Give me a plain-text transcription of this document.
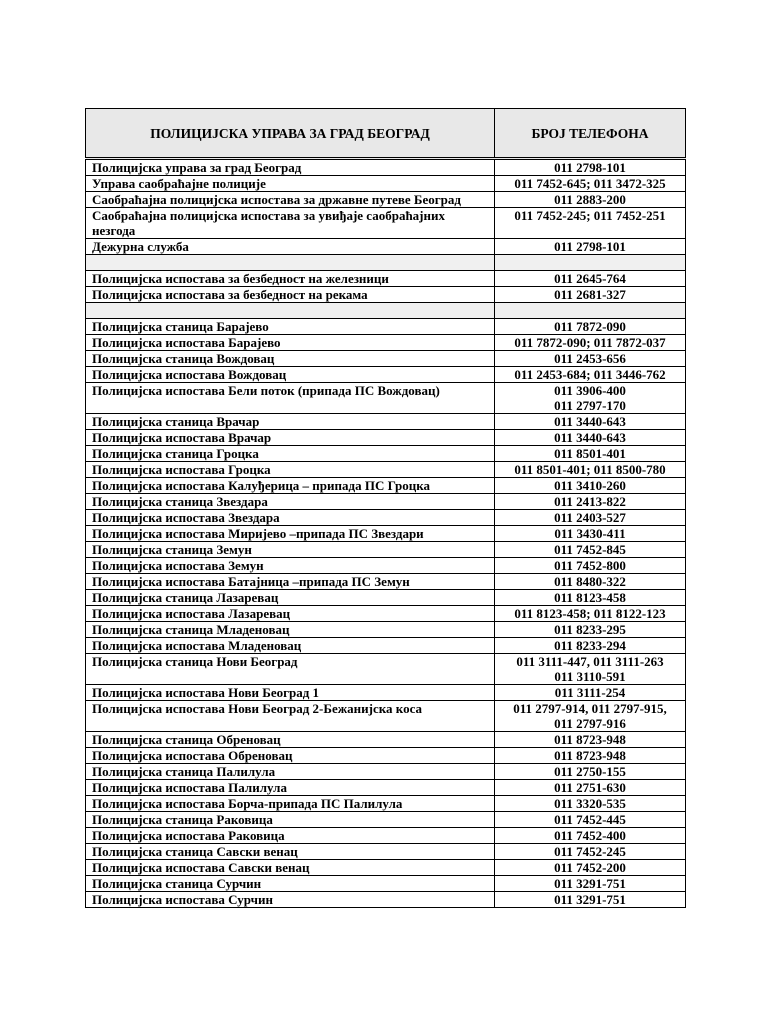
ПОЛИЦИЈСКА УПРАВА ЗА ГРАД БЕОГРАД	БРОЈ ТЕЛЕФОНА
Полицијска управа за град Београд	011 2798-101

Управа саобраћајне полиције	011 7452-645; 011 3472-325

Саобраћајна полицијска испостава за државне путеве Београд	011 2883-200

Саобраћајна полицијска испостава за увиђаје саобраћајних незгода	011 7452-245; 011 7452-251

Дежурна служба	011 2798-101

Полицијска испостава за безбедност на железници	011 2645-764

Полицијска испостава за безбедност на рекама	011 2681-327

Полицијска станица Барајево	011 7872-090

Полицијска испостава Барајево	011 7872-090; 011 7872-037

Полицијска станица Вождовац	011 2453-656

Полицијска испостава Вождовац	011 2453-684; 011 3446-762

Полицијска испостава Бели поток (припада ПС Вождовац)	011 3906-400
011 2797-170

Полицијска станица Врачар	011 3440-643

Полицијска испостава Врачар	011 3440-643

Полицијска станица Гроцка	011 8501-401

Полицијска испостава Гроцка	011 8501-401; 011 8500-780

Полицијска испостава Калуђерица – припада ПС Гроцка	011 3410-260

Полицијска станица Звездара	011 2413-822

Полицијска испостава Звездара	011 2403-527

Полицијска испостава Миријево –припада ПС Звездари	011 3430-411

Полицијска станица Земун	011 7452-845

Полицијска испостава Земун	011 7452-800

Полицијска испостава Батајница –припада ПС Земун	011 8480-322

Полицијска станица Лазаревац	011 8123-458

Полицијска испостава Лазаревац	011 8123-458; 011 8122-123

Полицијска станица Младеновац	011 8233-295

Полицијска испостава Младеновац	011 8233-294

Полицијска станица Нови Београд	011 3111-447, 011 3111-263
011 3110-591

Полицијска испостава Нови Београд 1	011 3111-254

Полицијска испостава Нови Београд 2-Бежанијска коса	011 2797-914, 011 2797-915,
011 2797-916

Полицијска станица Обреновац	011 8723-948

Полицијска испостава Обреновац	011 8723-948

Полицијска станица Палилула	011 2750-155

Полицијска испостава Палилула	011 2751-630

Полицијска испостава Борча-припада ПС Палилула	011 3320-535

Полицијска станица Раковица	011 7452-445

Полицијска испостава Раковица	011 7452-400

Полицијска станица Савски венац	011 7452-245

Полицијска испостава Савски венац	011 7452-200

Полицијска станица Сурчин	011 3291-751

Полицијска испостава Сурчин	011 3291-751
